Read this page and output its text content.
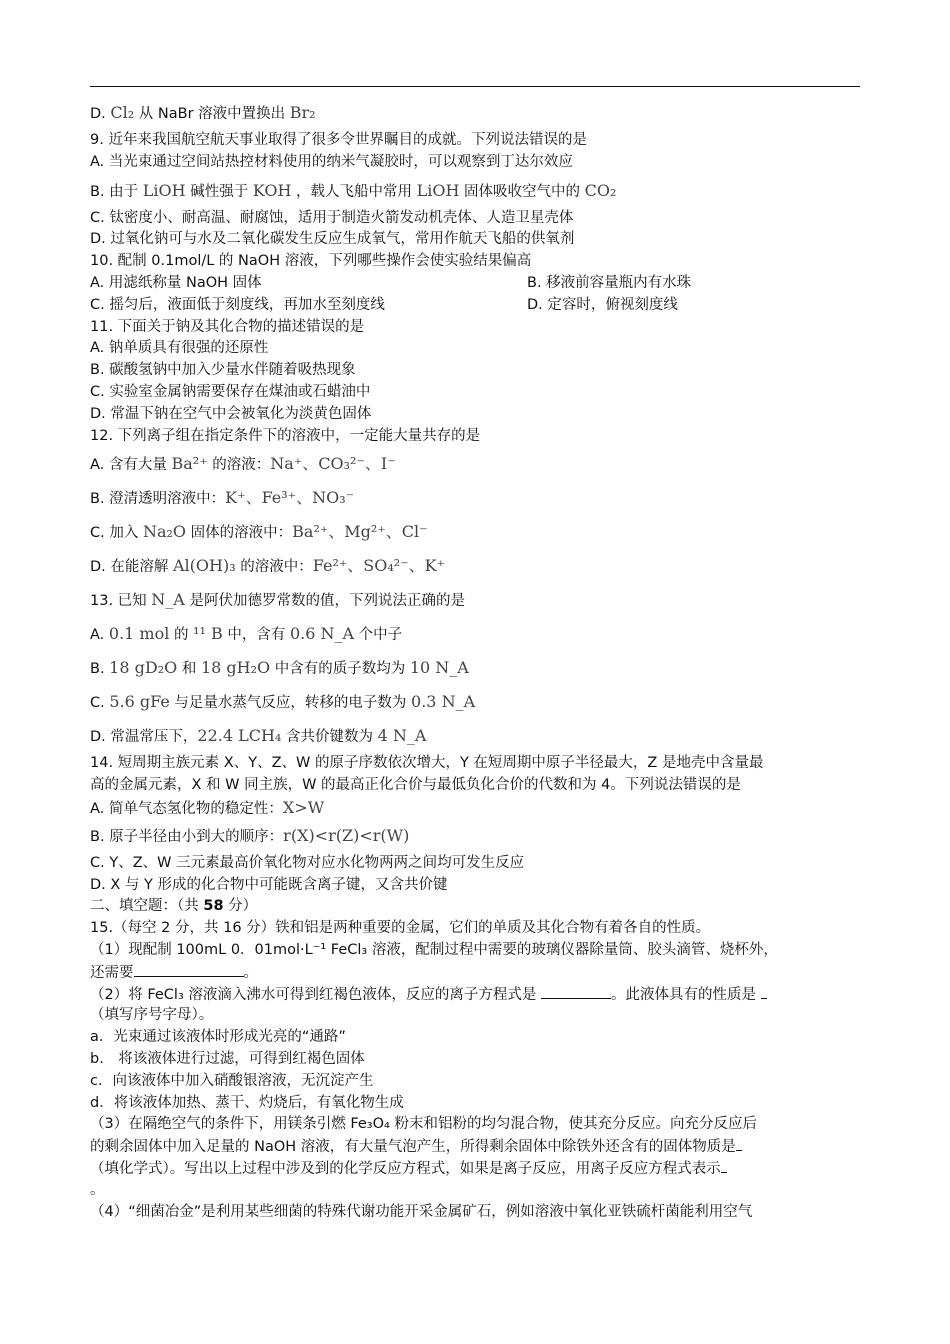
D. Cl₂ 从 NaBr 溶液中置换出 Br₂
9. 近年来我国航空航天事业取得了很多令世界瞩目的成就。下列说法错误的是
A. 当光束通过空间站热控材料使用的纳米气凝胶时，可以观察到丁达尔效应
B. 由于 LiOH 碱性强于 KOH ，载人飞船中常用 LiOH 固体吸收空气中的 CO₂
C. 钛密度小、耐高温、耐腐蚀，适用于制造火箭发动机壳体、人造卫星壳体
D. 过氧化钠可与水及二氧化碳发生反应生成氧气，常用作航天飞船的供氧剂
10. 配制 0.1mol/L 的 NaOH 溶液，下列哪些操作会使实验结果偏高
A. 用滤纸称量 NaOH 固体	B. 移液前容量瓶内有水珠
C. 摇匀后，液面低于刻度线，再加水至刻度线	D. 定容时，俯视刻度线
11. 下面关于钠及其化合物的描述错误的是
A. 钠单质具有很强的还原性
B. 碳酸氢钠中加入少量水伴随着吸热现象
C. 实验室金属钠需要保存在煤油或石蜡油中
D. 常温下钠在空气中会被氧化为淡黄色固体
12. 下列离子组在指定条件下的溶液中，一定能大量共存的是
A. 含有大量 Ba²⁺ 的溶液：Na⁺、CO₃²⁻、I⁻
B. 澄清透明溶液中：K⁺、Fe³⁺、NO₃⁻
C. 加入 Na₂O 固体的溶液中：Ba²⁺、Mg²⁺、Cl⁻
D. 在能溶解 Al(OH)₃ 的溶液中：Fe²⁺、SO₄²⁻、K⁺
13. 已知 N_A 是阿伏加德罗常数的值，下列说法正确的是
A. 0.1 mol 的 ¹¹ B 中，含有 0.6 N_A 个中子
B. 18 gD₂O 和 18 gH₂O 中含有的质子数均为 10 N_A
C. 5.6 gFe 与足量水蒸气反应，转移的电子数为 0.3 N_A
D. 常温常压下，22.4 LCH₄ 含共价键数为 4 N_A
14. 短周期主族元素 X、Y、Z、W 的原子序数依次增大，Y 在短周期中原子半径最大，Z 是地壳中含量最
高的金属元素，X 和 W 同主族，W 的最高正化合价与最低负化合价的代数和为 4。下列说法错误的是
A. 简单气态氢化物的稳定性：X>W
B. 原子半径由小到大的顺序：r(X)<r(Z)<r(W)
C. Y、Z、W 三元素最高价氧化物对应水化物两两之间均可发生反应
D. X 与 Y 形成的化合物中可能既含离子键，又含共价键
二、填空题：（共 58 分）
15.（每空 2 分，共 16 分）铁和铝是两种重要的金属，它们的单质及其化合物有着各自的性质。
（1）现配制 100mL 0．01mol·L⁻¹ FeCl₃ 溶液，配制过程中需要的玻璃仪器除量筒、胶头滴管、烧杯外，
还需要	。
（2）将 FeCl₃ 溶液滴入沸水可得到红褐色液体，反应的离子方程式是	。此液体具有的性质是
（填写序号字母）。
a．光束通过该液体时形成光亮的“通路”
b． 将该液体进行过滤，可得到红褐色固体
c．向该液体中加入硝酸银溶液，无沉淀产生
d．将该液体加热、蒸干、灼烧后，有氧化物生成
（3）在隔绝空气的条件下，用镁条引燃 Fe₃O₄ 粉末和铝粉的均匀混合物，使其充分反应。向充分反应后
的剩余固体中加入足量的 NaOH 溶液，有大量气泡产生，所得剩余固体中除铁外还含有的固体物质是
（填化学式）。写出以上过程中涉及到的化学反应方程式，如果是离子反应，用离子反应方程式表示
。
（4）“细菌冶金”是利用某些细菌的特殊代谢功能开采金属矿石，例如溶液中氧化亚铁硫杆菌能利用空气
